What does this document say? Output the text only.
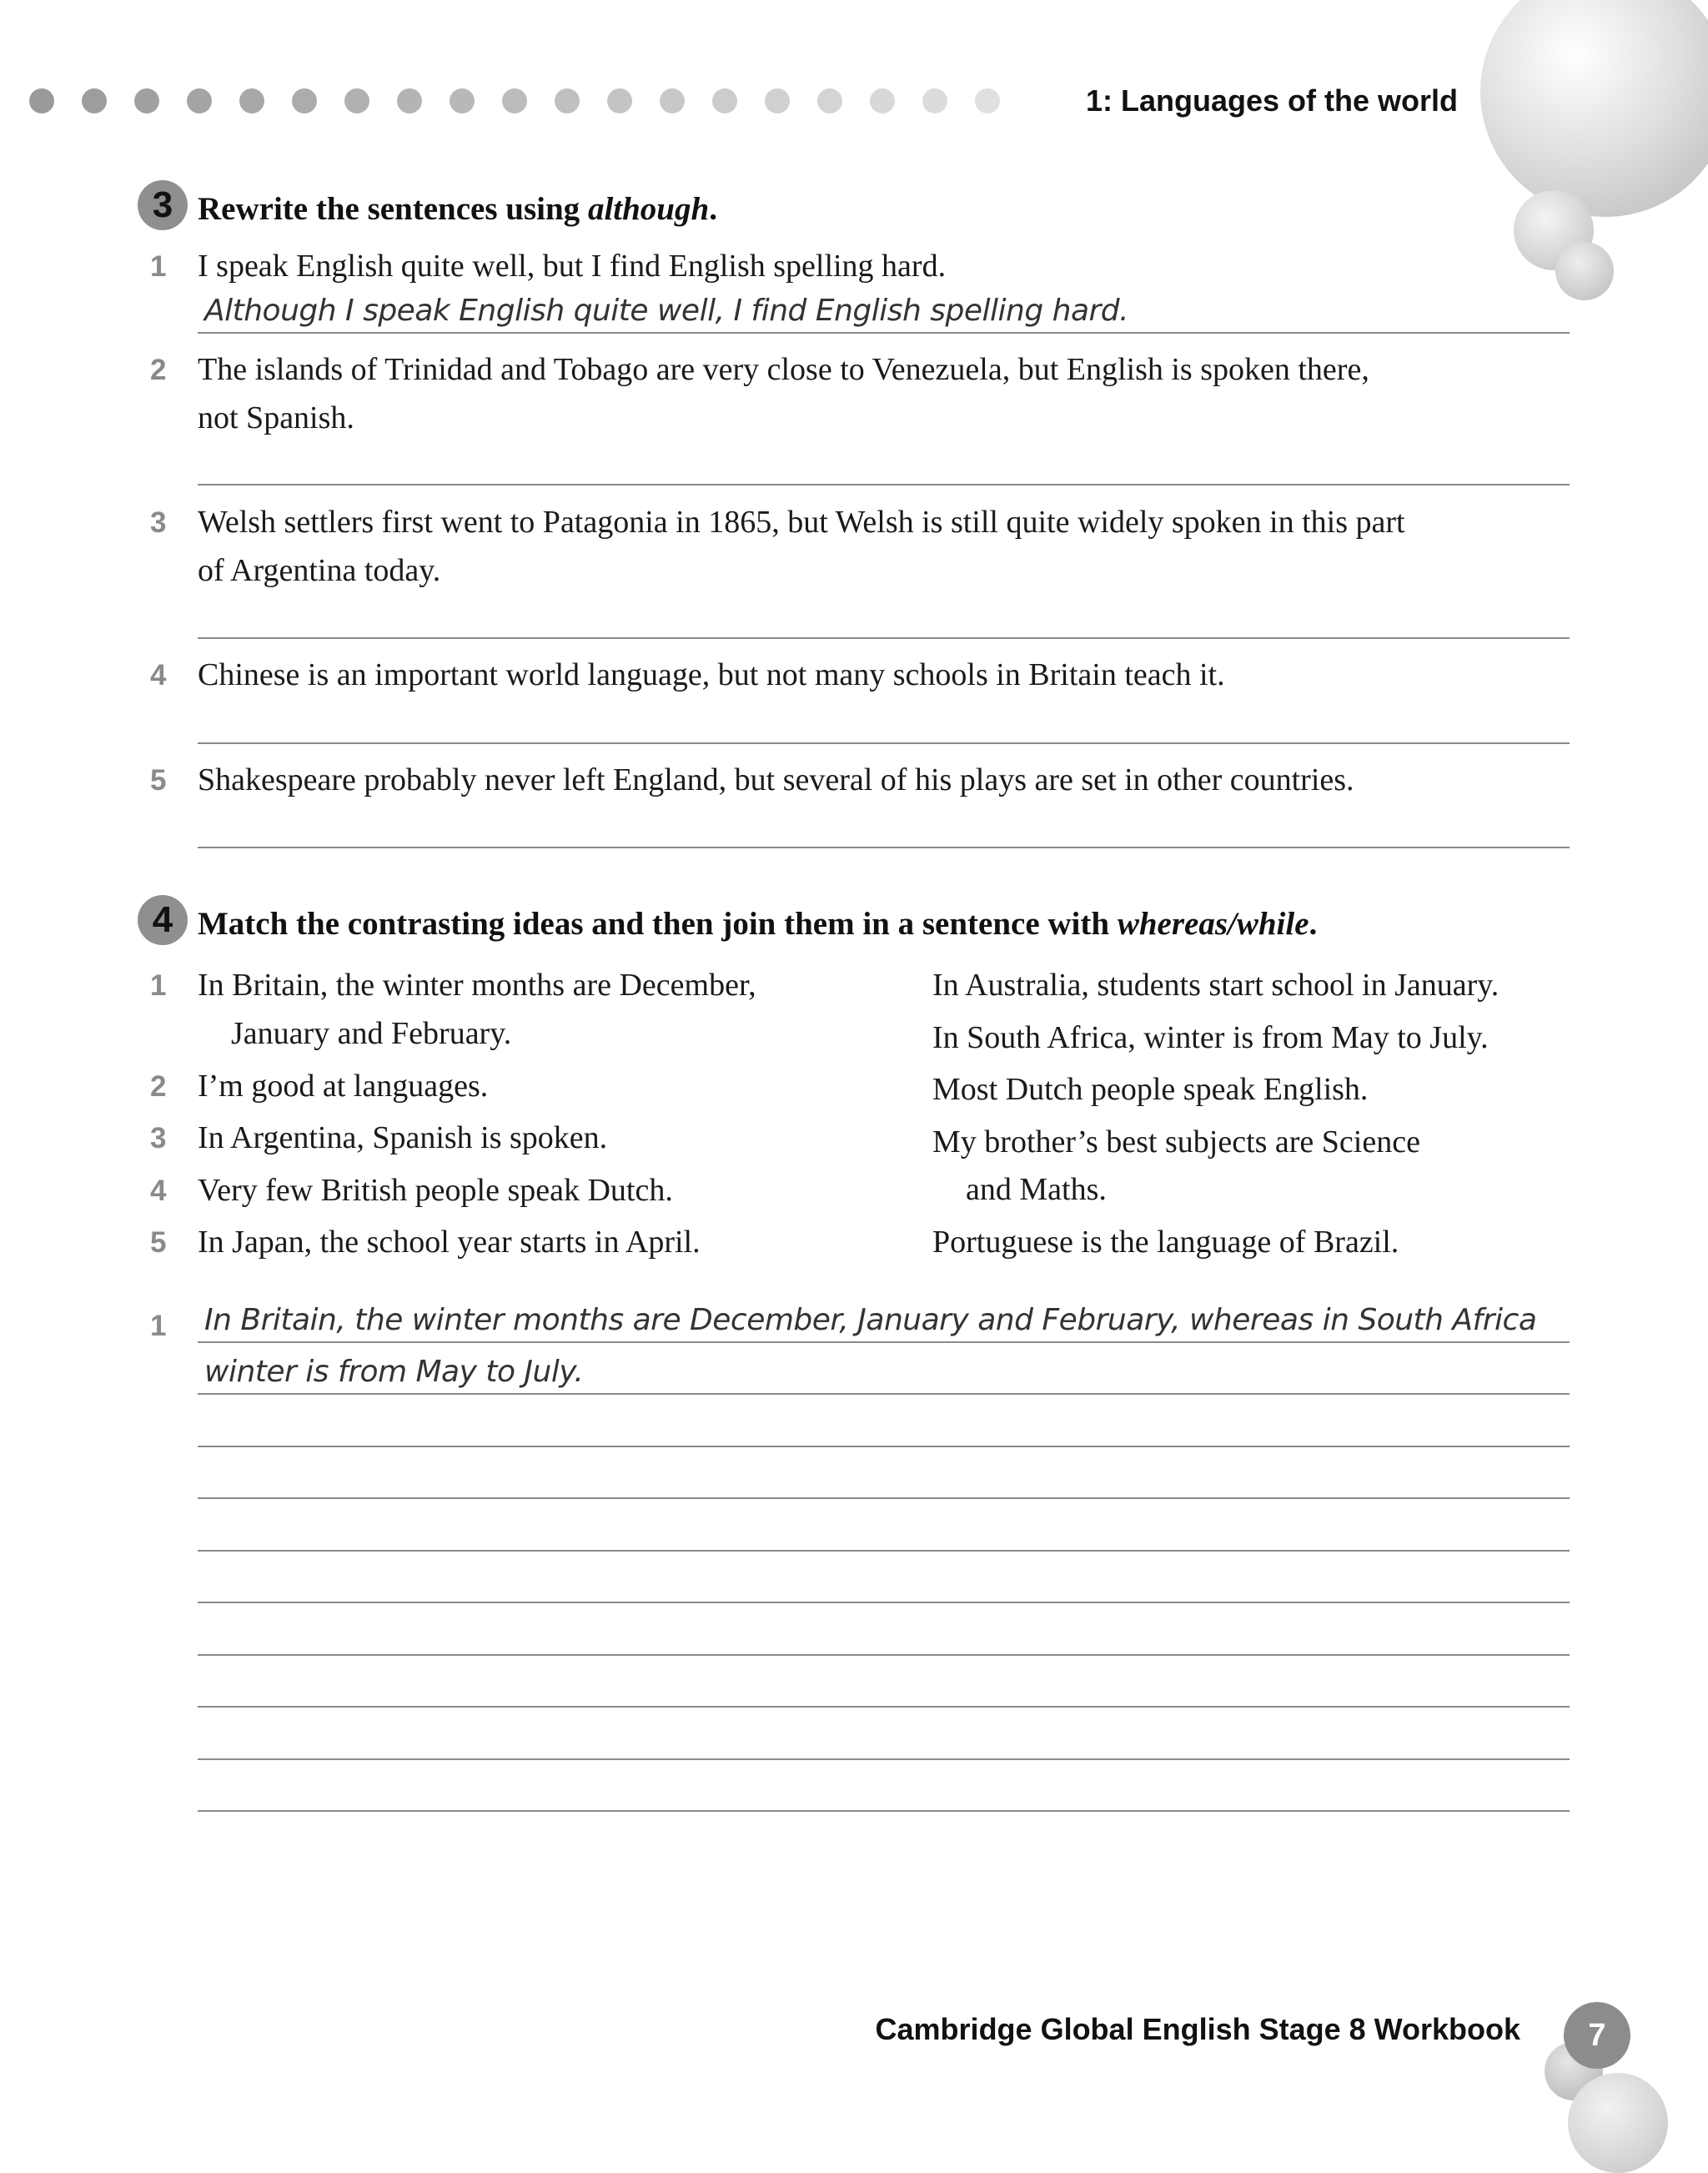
1: Languages of the world
3 Rewrite the sentences using although.
1 I speak English quite well, but I find English spelling hard.
Although I speak English quite well, I find English spelling hard.
2 The islands of Trinidad and Tobago are very close to Venezuela, but English is spoken there,
not Spanish.
3 Welsh settlers first went to Patagonia in 1865, but Welsh is still quite widely spoken in this part
of Argentina today.
4 Chinese is an important world language, but not many schools in Britain teach it.
5 Shakespeare probably never left England, but several of his plays are set in other countries.
4 Match the contrasting ideas and then join them in a sentence with whereas/while.
1 In Britain, the winter months are December,
January and February.
2 I’m good at languages.
3 In Argentina, Spanish is spoken.
4 Very few British people speak Dutch.
5 In Japan, the school year starts in April.
In Australia, students start school in January.
In South Africa, winter is from May to July.
Most Dutch people speak English.
My brother’s best subjects are Science
and Maths.
Portuguese is the language of Brazil.
1 In Britain, the winter months are December, January and February, whereas in South Africa
winter is from May to July.
Cambridge Global English Stage 8 Workbook	7
